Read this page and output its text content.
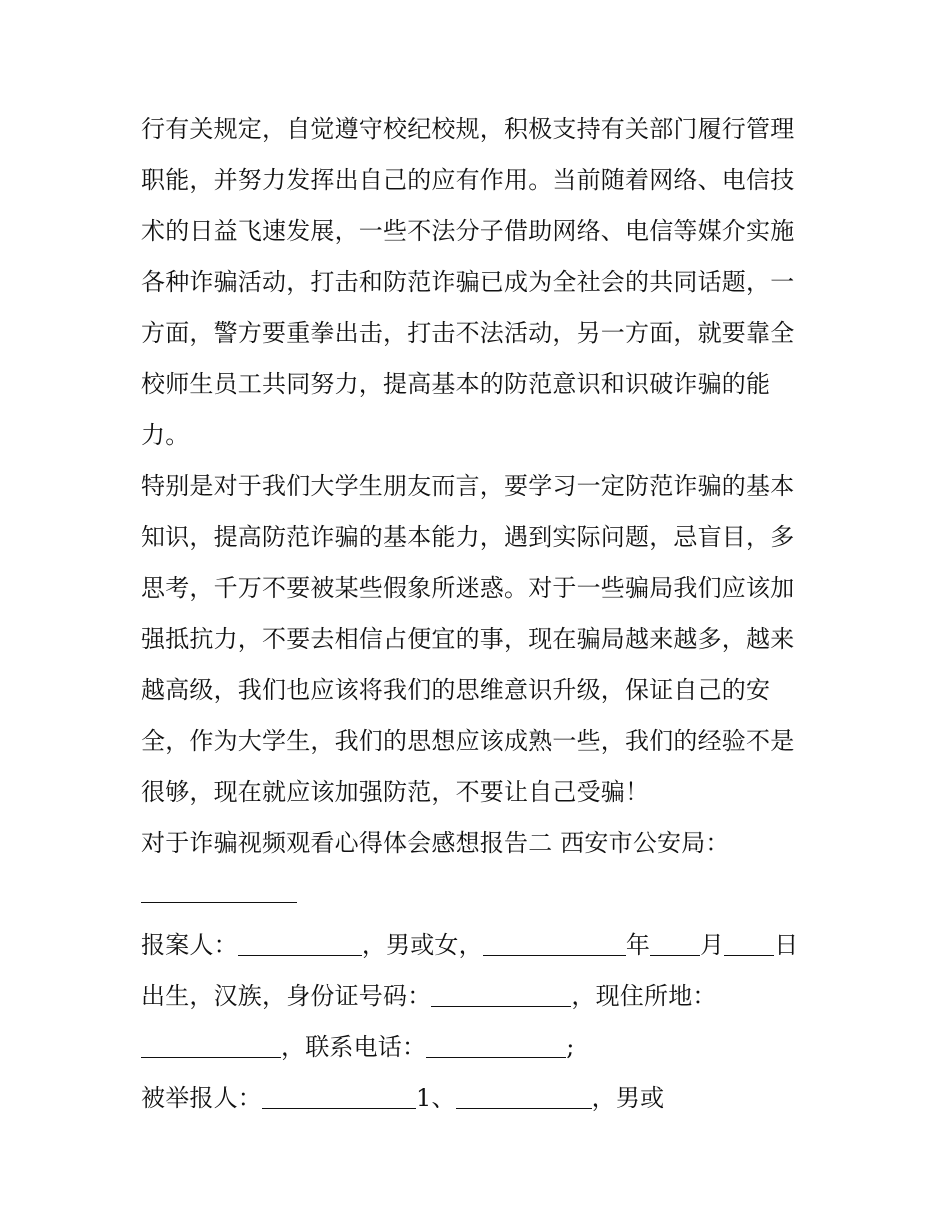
行有关规定，自觉遵守校纪校规，积极支持有关部门履行管理
职能，并努力发挥出自己的应有作用。当前随着网络、电信技
术的日益飞速发展，一些不法分子借助网络、电信等媒介实施
各种诈骗活动，打击和防范诈骗已成为全社会的共同话题，一
方面，警方要重拳出击，打击不法活动，另一方面，就要靠全
校师生员工共同努力，提高基本的防范意识和识破诈骗的能
力。
特别是对于我们大学生朋友而言，要学习一定防范诈骗的基本
知识，提高防范诈骗的基本能力，遇到实际问题，忌盲目，多
思考，千万不要被某些假象所迷惑。对于一些骗局我们应该加
强抵抗力，不要去相信占便宜的事，现在骗局越来越多，越来
越高级，我们也应该将我们的思维意识升级，保证自己的安
全，作为大学生，我们的思想应该成熟一些，我们的经验不是
很够，现在就应该加强防范，不要让自己受骗！
对于诈骗视频观看心得体会感想报告二 西安市公安局：
报案人：	，男或女，	年 月 日
出生，汉族，身份证号码：	，现住所地：
，联系电话：	;
被举报人：	1、	，男或
